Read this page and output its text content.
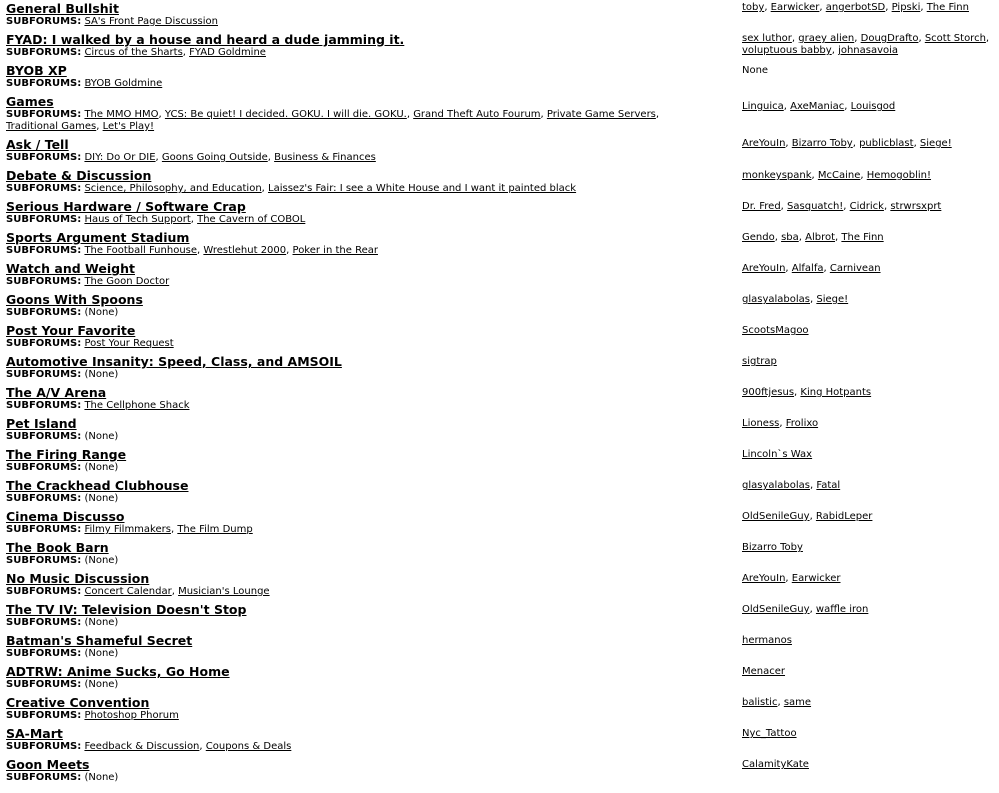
General Bullshit
SUBFORUMS: SA's Front Page Discussion
toby, Earwicker, angerbotSD, Pipski, The Finn
FYAD: I walked by a house and heard a dude jamming it.
SUBFORUMS: Circus of the Sharts, FYAD Goldmine
sex luthor, graey alien, DougDrafto, Scott Storch, voluptuous babby, johnasavoia
BYOB XP
SUBFORUMS: BYOB Goldmine
None
Games
SUBFORUMS: The MMO HMO, YCS: Be quiet! I decided. GOKU. I will die. GOKU., Grand Theft Auto Fourum, Private Game Servers, Traditional Games, Let's Play!
Linguica, AxeManiac, Louisgod
Ask / Tell
SUBFORUMS: DIY: Do Or DIE, Goons Going Outside, Business & Finances
AreYouIn, Bizarro Toby, publicblast, Siege!
Debate & Discussion
SUBFORUMS: Science, Philosophy, and Education, Laissez's Fair: I see a White House and I want it painted black
monkeyspank, McCaine, Hemogoblin!
Serious Hardware / Software Crap
SUBFORUMS: Haus of Tech Support, The Cavern of COBOL
Dr. Fred, Sasquatch!, Cidrick, strwrsxprt
Sports Argument Stadium
SUBFORUMS: The Football Funhouse, Wrestlehut 2000, Poker in the Rear
Gendo, sba, Albrot, The Finn
Watch and Weight
SUBFORUMS: The Goon Doctor
AreYouIn, Alfalfa, Carnivean
Goons With Spoons
SUBFORUMS: (None)
glasyalabolas, Siege!
Post Your Favorite
SUBFORUMS: Post Your Request
ScootsMagoo
Automotive Insanity: Speed, Class, and AMSOIL
SUBFORUMS: (None)
sigtrap
The A/V Arena
SUBFORUMS: The Cellphone Shack
900ftjesus, King Hotpants
Pet Island
SUBFORUMS: (None)
Lioness, Frolixo
The Firing Range
SUBFORUMS: (None)
Lincoln`s Wax
The Crackhead Clubhouse
SUBFORUMS: (None)
glasyalabolas, Fatal
Cinema Discusso
SUBFORUMS: Filmy Filmmakers, The Film Dump
OldSenileGuy, RabidLeper
The Book Barn
SUBFORUMS: (None)
Bizarro Toby
No Music Discussion
SUBFORUMS: Concert Calendar, Musician's Lounge
AreYouIn, Earwicker
The TV IV: Television Doesn't Stop
SUBFORUMS: (None)
OldSenileGuy, waffle iron
Batman's Shameful Secret
SUBFORUMS: (None)
hermanos
ADTRW: Anime Sucks, Go Home
SUBFORUMS: (None)
Menacer
Creative Convention
SUBFORUMS: Photoshop Phorum
balistic, same
SA-Mart
SUBFORUMS: Feedback & Discussion, Coupons & Deals
Nyc_Tattoo
Goon Meets
SUBFORUMS: (None)
CalamityKate
